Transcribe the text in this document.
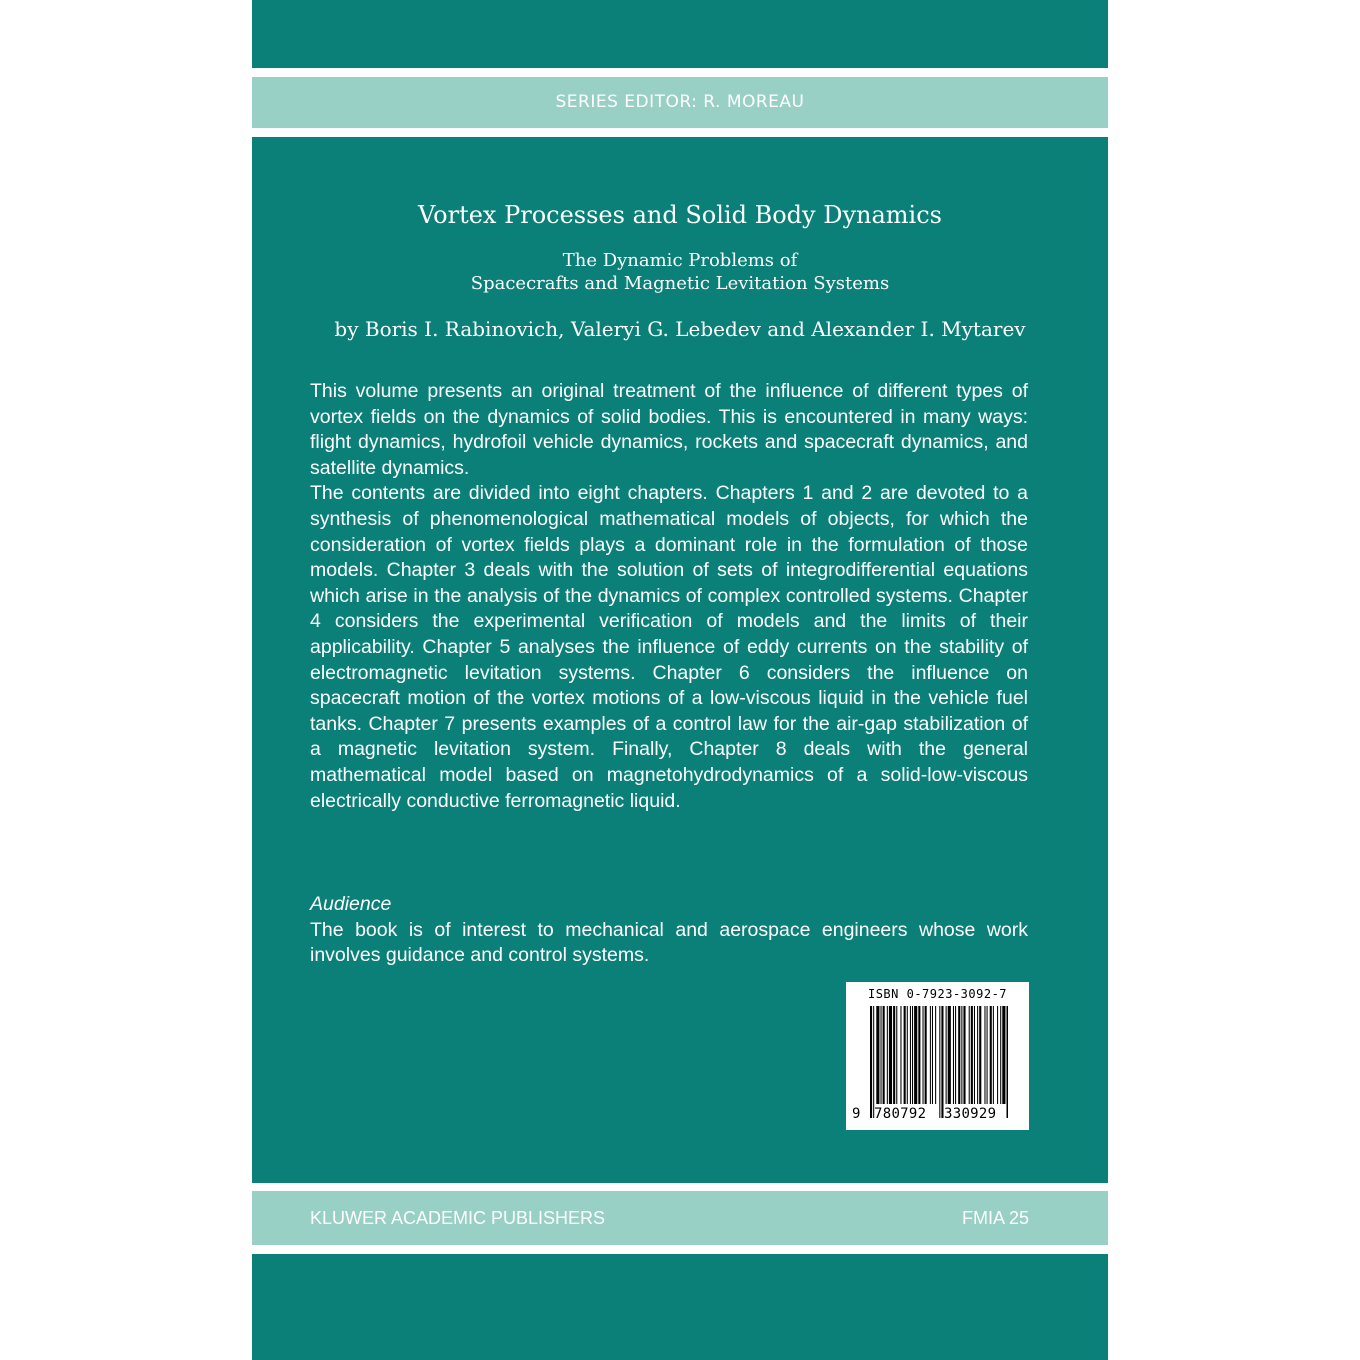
SERIES EDITOR: R. MOREAU
Vortex Processes and Solid Body Dynamics
The Dynamic Problems of
Spacecrafts and Magnetic Levitation Systems
by Boris I. Rabinovich, Valeryi G. Lebedev and Alexander I. Mytarev

This volume presents an original treatment of the influence of different types of vortex fields on the dynamics of solid bodies. This is encountered in many ways: flight dynamics, hydrofoil vehicle dynamics, rockets and spacecraft dynamics, and satellite dynamics.

The contents are divided into eight chapters. Chapters 1 and 2 are devoted to a synthesis of phenomenological mathematical models of objects, for which the consideration of vortex fields plays a dominant role in the formulation of those models. Chapter 3 deals with the solution of sets of integrodifferential equations which arise in the analysis of the dynamics of complex controlled systems. Chapter 4 considers the experimental verification of models and the limits of their applicability. Chapter 5 analyses the influence of eddy currents on the stability of electromagnetic levitation systems. Chapter 6 considers the influence on spacecraft motion of the vortex motions of a low-viscous liquid in the vehicle fuel tanks. Chapter 7 presents examples of a control law for the air-gap stabilization of a magnetic levitation system. Finally, Chapter 8 deals with the general mathematical model based on magnetohydrodynamics of a solid-low-viscous electrically conductive ferromagnetic liquid.

Audience

The book is of interest to mechanical and aerospace engineers whose work involves guidance and control systems.

ISBN 0-7923-3092-7
9 780792 330929
KLUWER ACADEMIC PUBLISHERS	FMIA 25
